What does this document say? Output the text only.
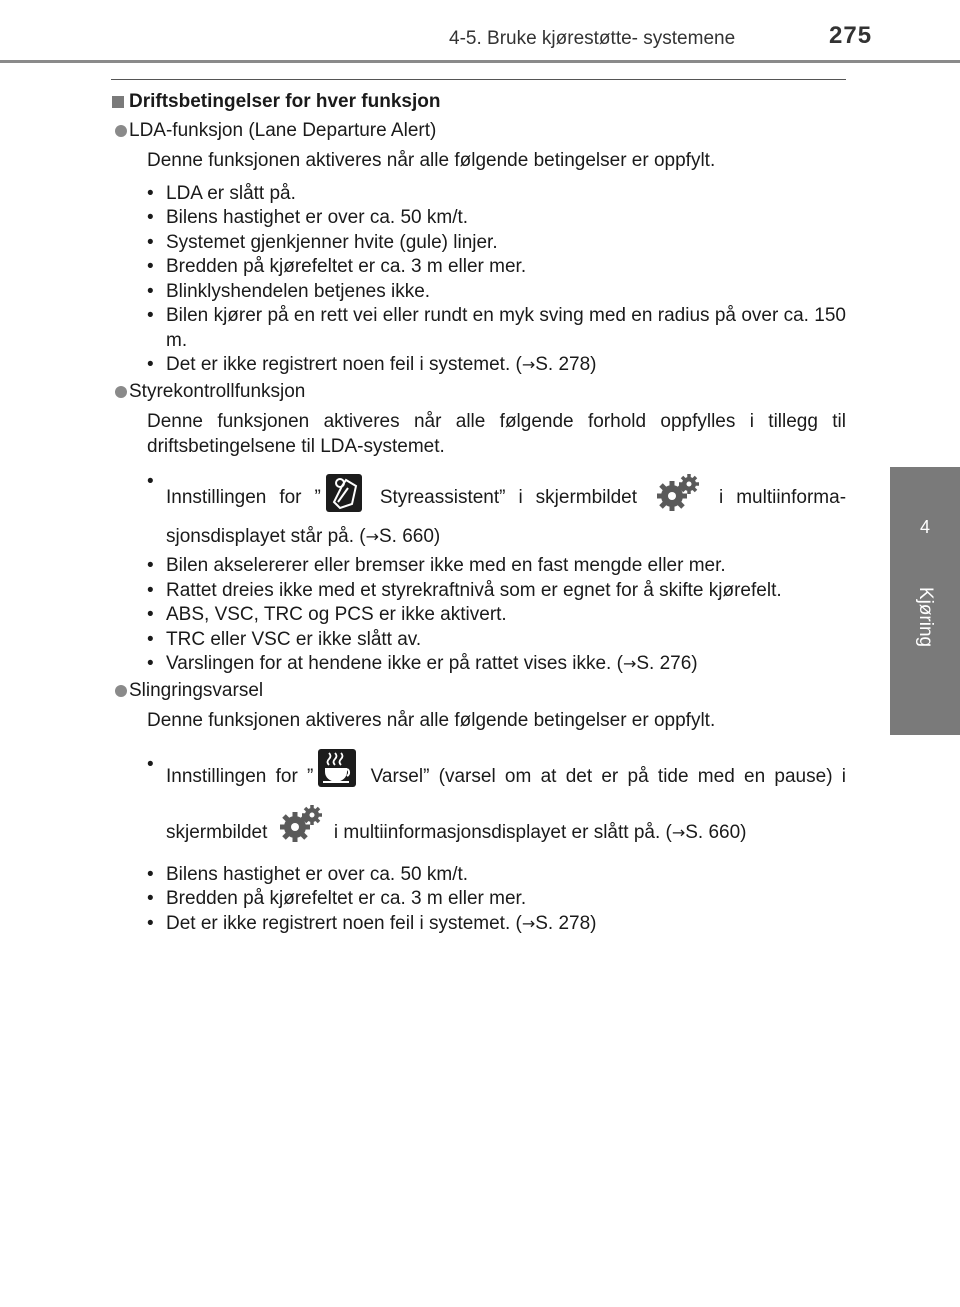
4-5. Bruke kjørestøtte- systemene	275
4
Kjøring
Driftsbetingelser for hver funksjon
LDA-funksjon (Lane Departure Alert)
Denne funksjonen aktiveres når alle følgende betingelser er oppfylt.
• LDA er slått på.
• Bilens hastighet er over ca. 50 km/t.
• Systemet gjenkjenner hvite (gule) linjer.
• Bredden på kjørefeltet er ca. 3 m eller mer.
• Blinklyshendelen betjenes ikke.
• Bilen kjører på en rett vei eller rundt en myk sving med en radius på over ca. 150 m.
• Det er ikke registrert noen feil i systemet. (→S. 278)
Styrekontrollfunksjon
Denne funksjonen aktiveres når alle følgende forhold oppfylles i tillegg til driftsbetingelsene til LDA-systemet.
• Innstillingen for ” Styreassistent” i skjermbildet	i multiinformasjonsdisplayet står på. (→S. 660)
• Bilen akselererer eller bremser ikke med en fast mengde eller mer.
• Rattet dreies ikke med et styrekraftnivå som er egnet for å skifte kjørefelt.
• ABS, VSC, TRC og PCS er ikke aktivert.
• TRC eller VSC er ikke slått av.
• Varslingen for at hendene ikke er på rattet vises ikke. (→S. 276)
Slingringsvarsel
Denne funksjonen aktiveres når alle følgende betingelser er oppfylt.
• Innstillingen for ”	Varsel” (varsel om at det er på tide med en pause) i skjermbildet	i multiinformasjonsdisplayet er slått på. (→S. 660)
• Bilens hastighet er over ca. 50 km/t.
• Bredden på kjørefeltet er ca. 3 m eller mer.
• Det er ikke registrert noen feil i systemet. (→S. 278)
